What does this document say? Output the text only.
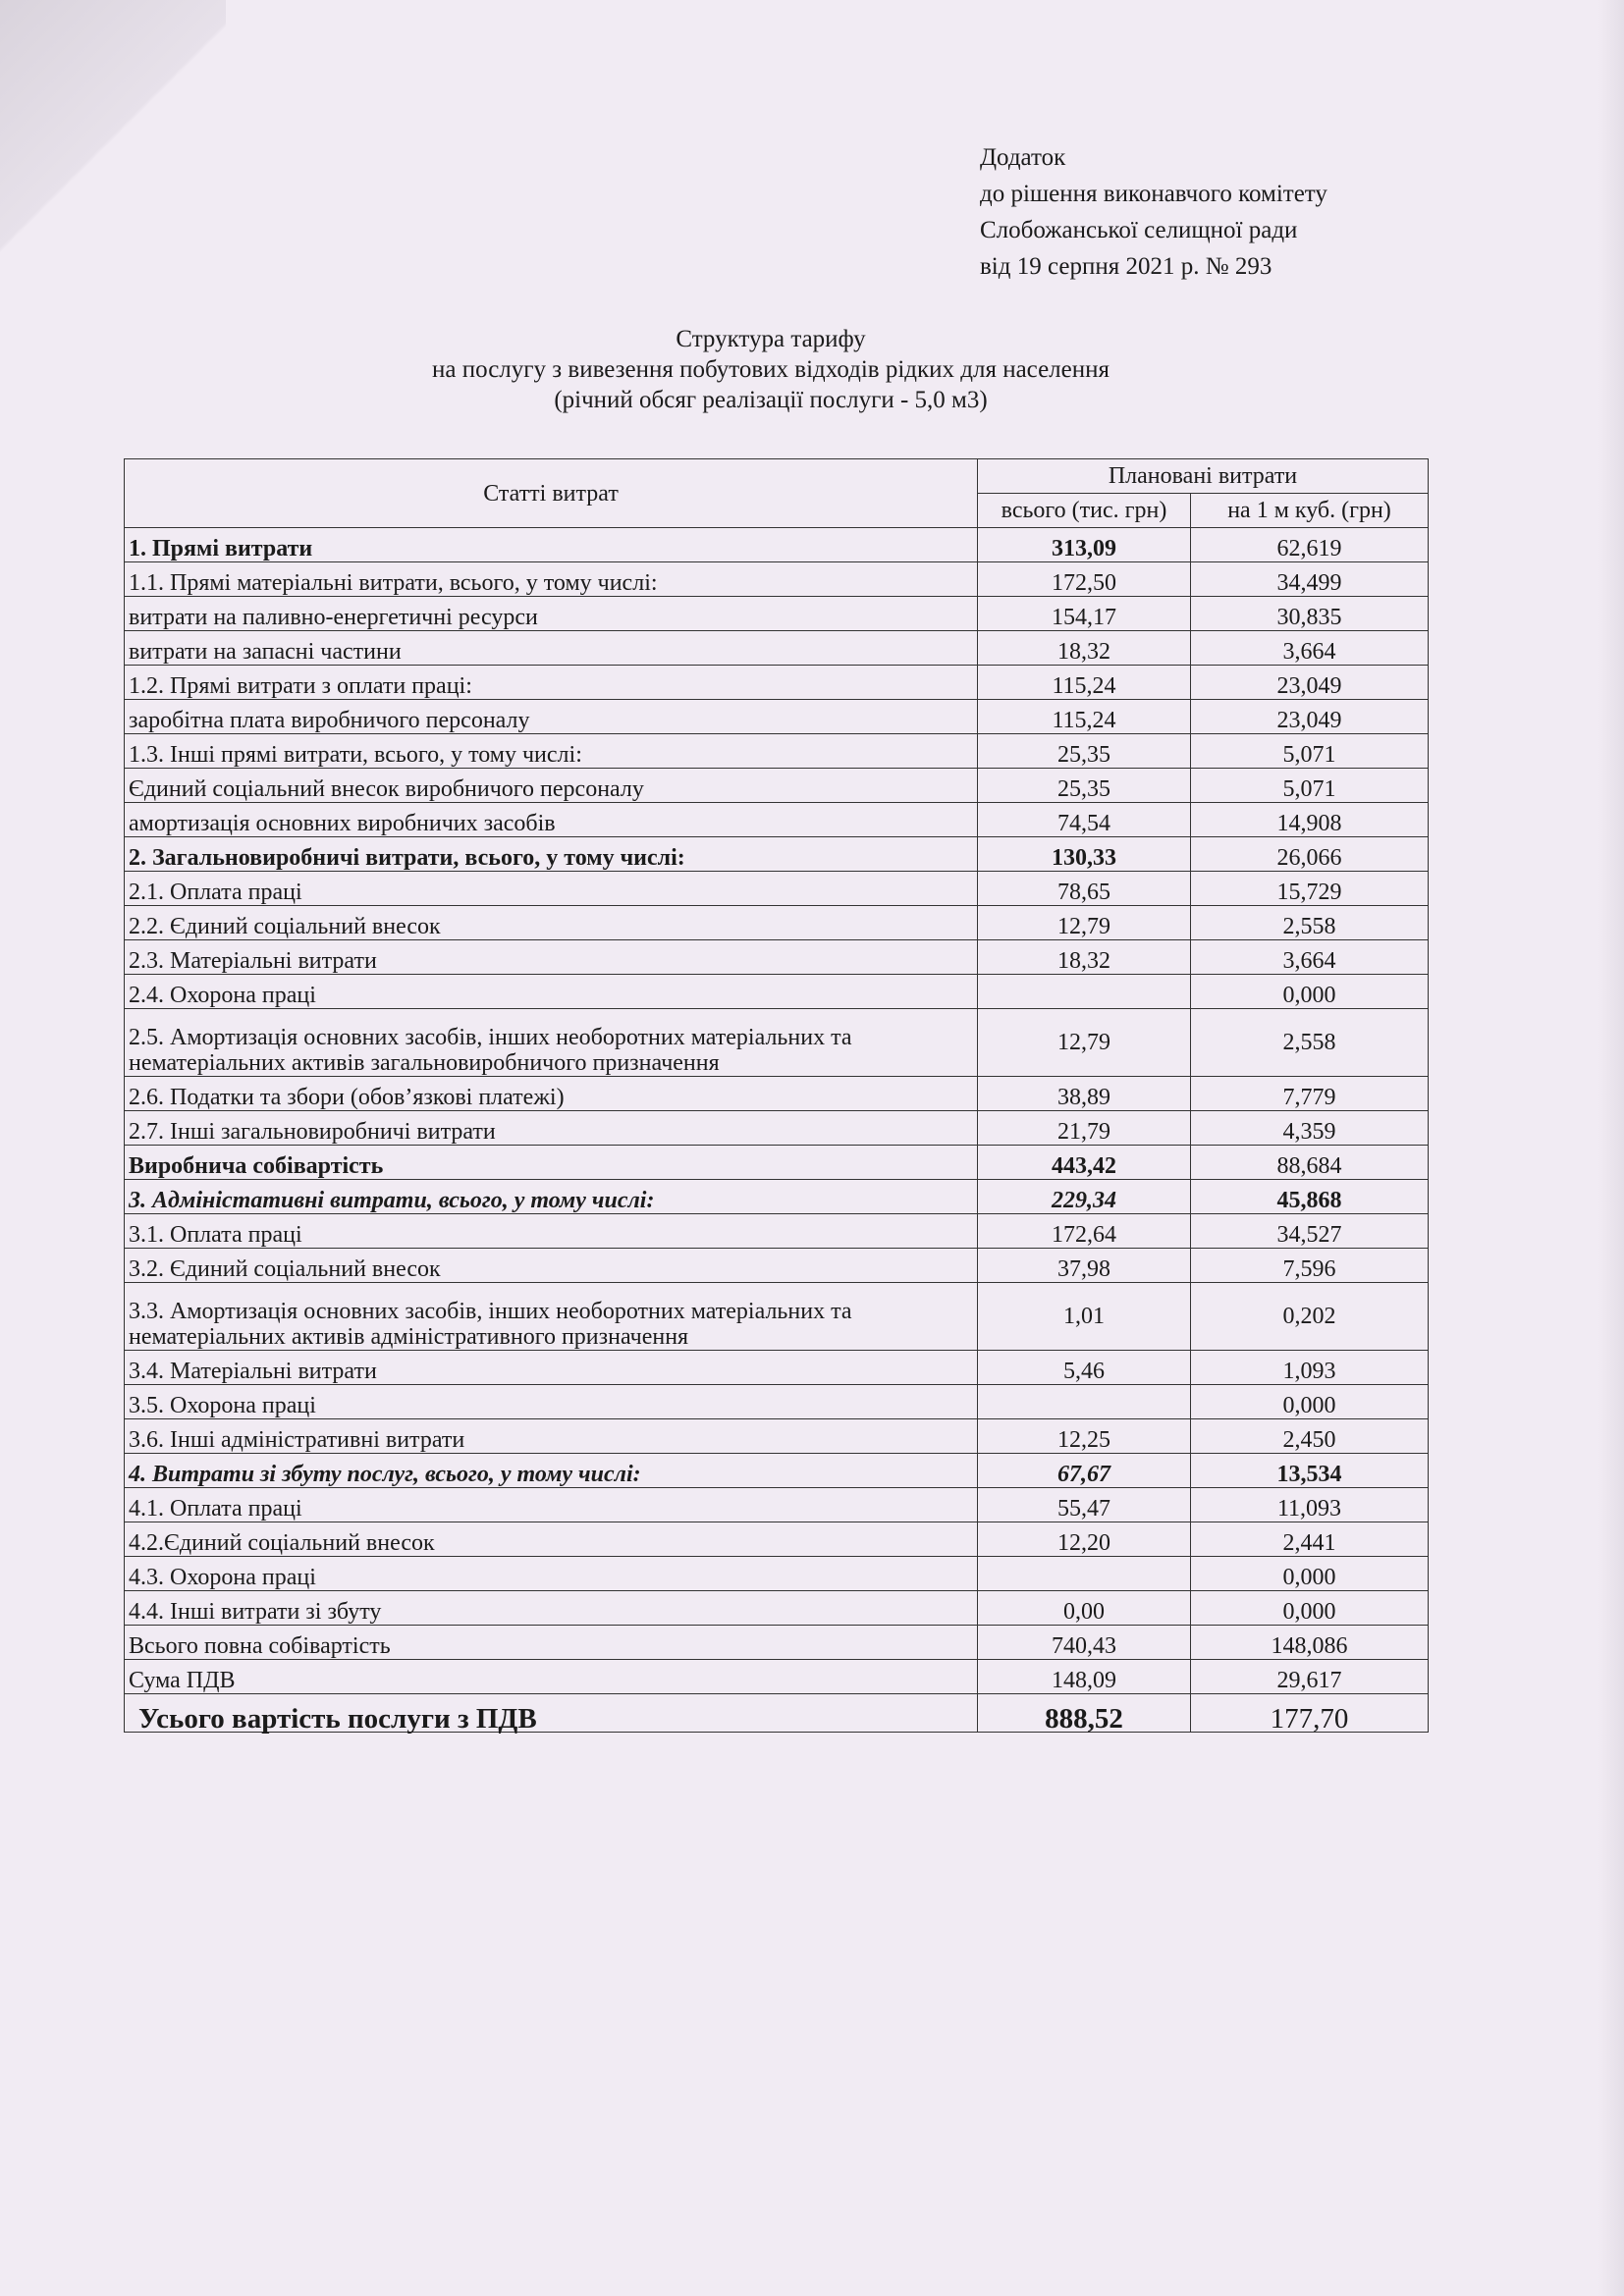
Додаток
до рішення виконавчого комітету
Слобожанської селищної ради
від 19 серпня 2021 р. № 293
Структура тарифу
на послугу з вивезення побутових відходів рідких для населення
(річний обсяг реалізації послуги - 5,0 м3)
Статті витрат	Плановані витрати	
	всього (тис. грн)	на 1 м куб. (грн)
1. Прямі витрати	313,09	62,619
1.1. Прямі матеріальні витрати, всього, у тому числі:	172,50	34,499
витрати на паливно-енергетичні ресурси	154,17	30,835
витрати на запасні частини	18,32	3,664
1.2. Прямі витрати з оплати праці:	115,24	23,049
заробітна плата виробничого персоналу	115,24	23,049
1.3. Інші прямі витрати, всього, у тому числі:	25,35	5,071
Єдиний соціальний внесок виробничого персоналу	25,35	5,071
амортизація основних виробничих засобів	74,54	14,908
2. Загальновиробничі витрати, всього, у тому числі:	130,33	26,066
2.1. Оплата праці	78,65	15,729
2.2. Єдиний соціальний внесок	12,79	2,558
2.3. Матеріальні витрати	18,32	3,664
2.4. Охорона праці		0,000
2.5. Амортизація основних засобів, інших необоротних матеріальних та нематеріальних активів загальновиробничого призначення	12,79	2,558
2.6. Податки та збори (обов’язкові платежі)	38,89	7,779
2.7. Інші загальновиробничі витрати	21,79	4,359
Виробнича собівартість	443,42	88,684
3. Адміністативні витрати, всього, у тому числі:	229,34	45,868
3.1. Оплата праці	172,64	34,527
3.2. Єдиний соціальний внесок	37,98	7,596
3.3. Амортизація основних засобів, інших необоротних матеріальних та нематеріальних активів адміністративного призначення	1,01	0,202
3.4. Матеріальні витрати	5,46	1,093
3.5. Охорона праці		0,000
3.6. Інші адміністративні витрати	12,25	2,450
4. Витрати зі збуту послуг, всього, у тому числі:	67,67	13,534
4.1. Оплата праці	55,47	11,093
4.2.Єдиний соціальний внесок	12,20	2,441
4.3. Охорона праці		0,000
4.4. Інші витрати зі збуту	0,00	0,000
Всього повна собівартість	740,43	148,086
Сума ПДВ	148,09	29,617
Усього вартість послуги з ПДВ	888,52	177,70
